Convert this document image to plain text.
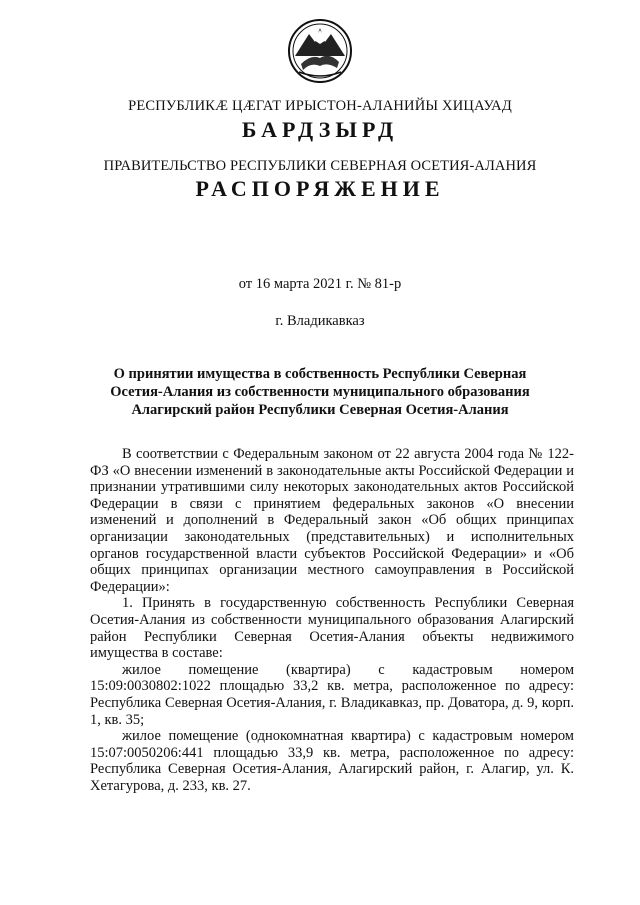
РЕСПУБЛИКӔ ЦӔГАТ ИРЫСТОН-АЛАНИЙЫ ХИЦАУАД
БАРДЗЫРД
ПРАВИТЕЛЬСТВО РЕСПУБЛИКИ СЕВЕРНАЯ ОСЕТИЯ-АЛАНИЯ
РАСПОРЯЖЕНИЕ
от 16 марта 2021 г. № 81-р
г. Владикавказ
О принятии имущества в собственность Республики Северная
Осетия-Алания из собственности муниципального образования
Алагирский район Республики Северная Осетия-Алания

В соответствии с Федеральным законом от 22 августа 2004 года № 122-ФЗ «О внесении изменений в законодательные акты Российской Федерации и признании утратившими силу некоторых законодательных актов Российской Федерации в связи с принятием федеральных законов «О внесении изменений и дополнений в Федеральный закон «Об общих принципах организации законодательных (представительных) и исполнительных органов государственной власти субъектов Российской Федерации» и «Об общих принципах организации местного самоуправления в Российской Федерации»:

1. Принять в государственную собственность Республики Северная Осетия-Алания из собственности муниципального образования Алагирский район Республики Северная Осетия-Алания объекты недвижимого имущества в составе:

жилое помещение (квартира) с кадастровым номером 15:09:0030802:1022 площадью 33,2 кв. метра, расположенное по адресу: Республика Северная Осетия-Алания, г. Владикавказ, пр. Доватора, д. 9, корп. 1, кв. 35;

жилое помещение (однокомнатная квартира) с кадастровым номером 15:07:0050206:441 площадью 33,9 кв. метра, расположенное по адресу: Республика Северная Осетия-Алания, Алагирский район, г. Алагир, ул. К. Хетагурова, д. 233, кв. 27.
